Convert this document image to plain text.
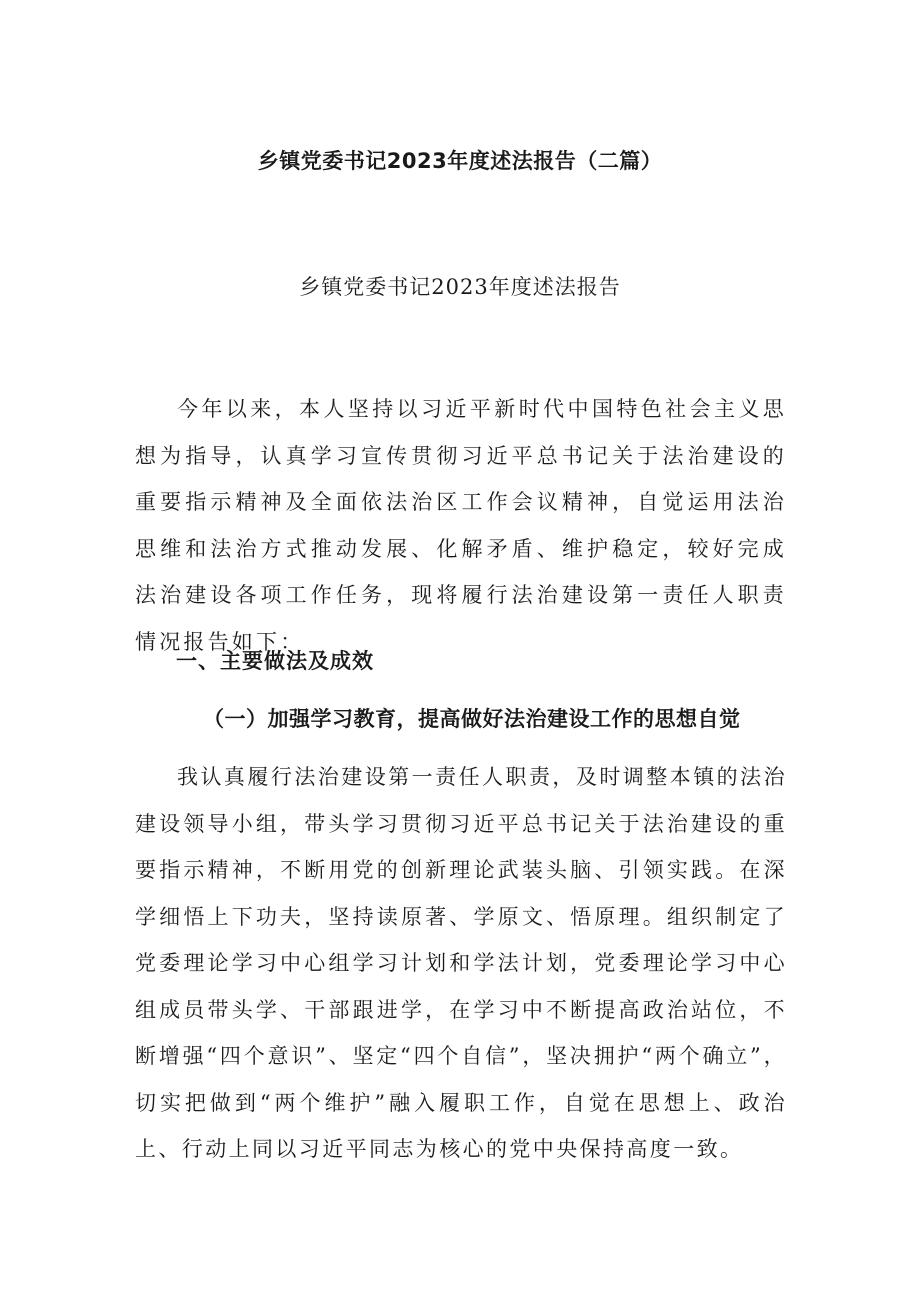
乡镇党委书记2023年度述法报告（二篇）
乡镇党委书记2023年度述法报告

今年以来，本人坚持以习近平新时代中国特色社会主义思想为指导，认真学习宣传贯彻习近平总书记关于法治建设的重要指示精神及全面依法治区工作会议精神，自觉运用法治思维和法治方式推动发展、化解矛盾、维护稳定，较好完成法治建设各项工作任务，现将履行法治建设第一责任人职责情况报告如下：

一、主要做法及成效
（一）加强学习教育，提高做好法治建设工作的思想自觉

我认真履行法治建设第一责任人职责，及时调整本镇的法治建设领导小组，带头学习贯彻习近平总书记关于法治建设的重要指示精神，不断用党的创新理论武装头脑、引领实践。在深学细悟上下功夫，坚持读原著、学原文、悟原理。组织制定了党委理论学习中心组学习计划和学法计划，党委理论学习中心组成员带头学、干部跟进学，在学习中不断提高政治站位，不断增强“四个意识”、坚定“四个自信”，坚决拥护“两个确立”，切实把做到“两个维护”融入履职工作，自觉在思想上、政治上、行动上同以习近平同志为核心的党中央保持高度一致。
